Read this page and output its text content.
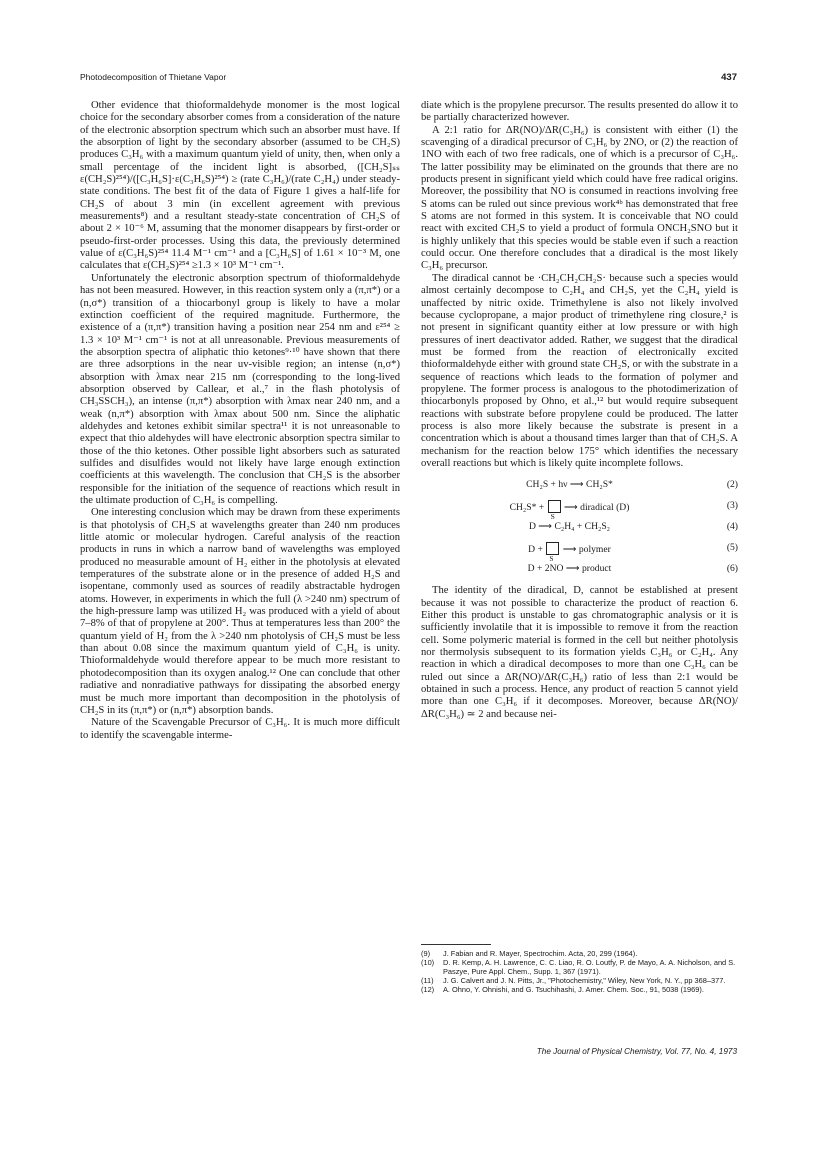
Photodecomposition of Thietane Vapor	437

Other evidence that thioformaldehyde monomer is the most logical choice for the secondary absorber comes from a consideration of the nature of the electronic absorption spectrum which such an absorber must have. If the absorption of light by the secondary absorber (assumed to be CH₂S) produces C₃H₆ with a maximum quantum yield of unity, then, when only a small percentage of the incident light is absorbed, ([CH₂S]ₛₛ ε(CH₂S)²⁵⁴)/([C₃H₆S]·ε(C₃H₆S)²⁵⁴) ≥ (rate C₃H₆)/(rate C₂H₄) under steady-state conditions. The best fit of the data of Figure 1 gives a half-life for CH₂S of about 3 min (in excellent agreement with previous measurements⁸) and a resultant steady-state concentration of CH₂S of about 2 × 10⁻⁶ M, assuming that the monomer disappears by first-order or pseudo-first-order processes. Using this data, the previously determined value of ε(C₃H₆S)²⁵⁴ 11.4 M⁻¹ cm⁻¹ and a [C₃H₆S] of 1.61 × 10⁻³ M, one calculates that ε(CH₂S)²⁵⁴ ≥1.3 × 10³ M⁻¹ cm⁻¹.

Unfortunately the electronic absorption spectrum of thioformaldehyde has not been measured. However, in this reaction system only a (π,π*) or a (n,σ*) transition of a thiocarbonyl group is likely to have a molar extinction coefficient of the required magnitude. Furthermore, the existence of a (π,π*) transition having a position near 254 nm and ε²⁵⁴ ≥ 1.3 × 10³ M⁻¹ cm⁻¹ is not at all unreasonable. Previous measurements of the absorption spectra of aliphatic thio ketones⁹·¹⁰ have shown that there are three adsorptions in the near uv-visible region; an intense (n,σ*) absorption with λmax near 215 nm (corresponding to the long-lived absorption observed by Callear, et al.,⁷ in the flash photolysis of CH₃SSCH₃), an intense (π,π*) absorption with λmax near 240 nm, and a weak (n,π*) absorption with λmax about 500 nm. Since the aliphatic aldehydes and ketones exhibit similar spectra¹¹ it is not unreasonable to expect that thio aldehydes will have electronic absorption spectra similar to those of the thio ketones. Other possible light absorbers such as saturated sulfides and disulfides would not likely have large enough extinction coefficients at this wavelength. The conclusion that CH₂S is the absorber responsible for the initiation of the sequence of reactions which result in the ultimate production of C₃H₆ is compelling.

One interesting conclusion which may be drawn from these experiments is that photolysis of CH₂S at wavelengths greater than 240 nm produces little atomic or molecular hydrogen. Careful analysis of the reaction products in runs in which a narrow band of wavelengths was employed produced no measurable amount of H₂ either in the photolysis at elevated temperatures of the substrate alone or in the presence of added H₂S and isopentane, commonly used as sources of readily abstractable hydrogen atoms. However, in experiments in which the full (λ >240 nm) spectrum of the high-pressure lamp was utilized H₂ was produced with a yield of about 7–8% of that of propylene at 200°. Thus at temperatures less than 200° the quantum yield of H₂ from the λ >240 nm photolysis of CH₂S must be less than about 0.08 since the maximum quantum yield of C₃H₆ is unity. Thioformaldehyde would therefore appear to be much more resistant to photodecomposition than its oxygen analog.¹² One can conclude that other radiative and nonradiative pathways for dissipating the absorbed energy must be much more important than decomposition in the photolysis of CH₂S in its (π,π*) or (n,π*) absorption bands.

Nature of the Scavengable Precursor of C₃H₆. It is much more difficult to identify the scavengable interme-

diate which is the propylene precursor. The results presented do allow it to be partially characterized however.

A 2:1 ratio for ΔR(NO)/ΔR(C₃H₆) is consistent with either (1) the scavenging of a diradical precursor of C₃H₆ by 2NO, or (2) the reaction of 1NO with each of two free radicals, one of which is a precursor of C₃H₆. The latter possibility may be eliminated on the grounds that there are no products present in significant yield which could have free radical origins. Moreover, the possibility that NO is consumed in reactions involving free S atoms can be ruled out since previous work⁴ᵇ has demonstrated that free S atoms are not formed in this system. It is conceivable that NO could react with excited CH₂S to yield a product of formula ONCH₂SNO but it is highly unlikely that this species would be stable even if such a reaction could occur. One therefore concludes that a diradical is the most likely C₃H₆ precursor.

The diradical cannot be ·CH₂CH₂CH₂S· because such a species would almost certainly decompose to C₂H₄ and CH₂S, yet the C₂H₄ yield is unaffected by nitric oxide. Trimethylene is also not likely involved because cyclopropane, a major product of trimethylene ring closure,² is not present in significant quantity either at low pressure or with high pressures of inert deactivator added. Rather, we suggest that the diradical must be formed from the reaction of electronically excited thioformaldehyde either with ground state CH₂S, or with the substrate in a sequence of reactions which leads to the formation of polymer and propylene. The former process is analogous to the photodimerization of thiocarbonyls proposed by Ohno, et al.,¹² but would require subsequent reactions with substrate before propylene could be produced. The latter process is also more likely because the substrate is present in a concentration which is about a thousand times larger than that of CH₂S. A mechanism for the reaction below 175° which identifies the necessary overall reactions but which is likely quite incomplete follows.

CH₂S + hν ⟶ CH₂S*	(2)
CH₂S* + S ⟶ diradical (D)	(3)
D ⟶ C₂H₄ + CH₂S₂	(4)
D + S ⟶ polymer	(5)
D + 2NO ⟶ product	(6)

The identity of the diradical, D, cannot be established at present because it was not possible to characterize the product of reaction 6. Either this product is unstable to gas chromatographic analysis or it is sufficiently involatile that it is impossible to remove it from the reaction cell. Some polymeric material is formed in the cell but neither photolysis nor thermolysis subsequent to its formation yields C₃H₆ or C₂H₄. Any reaction in which a diradical decomposes to more than one C₃H₆ can be ruled out since a ΔR(NO)/ΔR(C₃H₆) ratio of less than 2:1 would be obtained in such a process. Hence, any product of reaction 5 cannot yield more than one C₃H₆ if it decomposes. Moreover, because ΔR(NO)/ΔR(C₃H₆) ≃ 2 and because nei-

(9) J. Fabian and R. Mayer, Spectrochim. Acta, 20, 299 (1964).
(10) D. R. Kemp, A. H. Lawrence, C. C. Liao, R. O. Loutfy, P. de Mayo, A. A. Nicholson, and S. Paszye, Pure Appl. Chem., Supp. 1, 367 (1971).
(11) J. G. Calvert and J. N. Pitts, Jr., "Photochemistry," Wiley, New York, N. Y., pp 368–377.
(12) A. Ohno, Y. Ohnishi, and G. Tsuchihashi, J. Amer. Chem. Soc., 91, 5038 (1969).
The Journal of Physical Chemistry, Vol. 77, No. 4, 1973
